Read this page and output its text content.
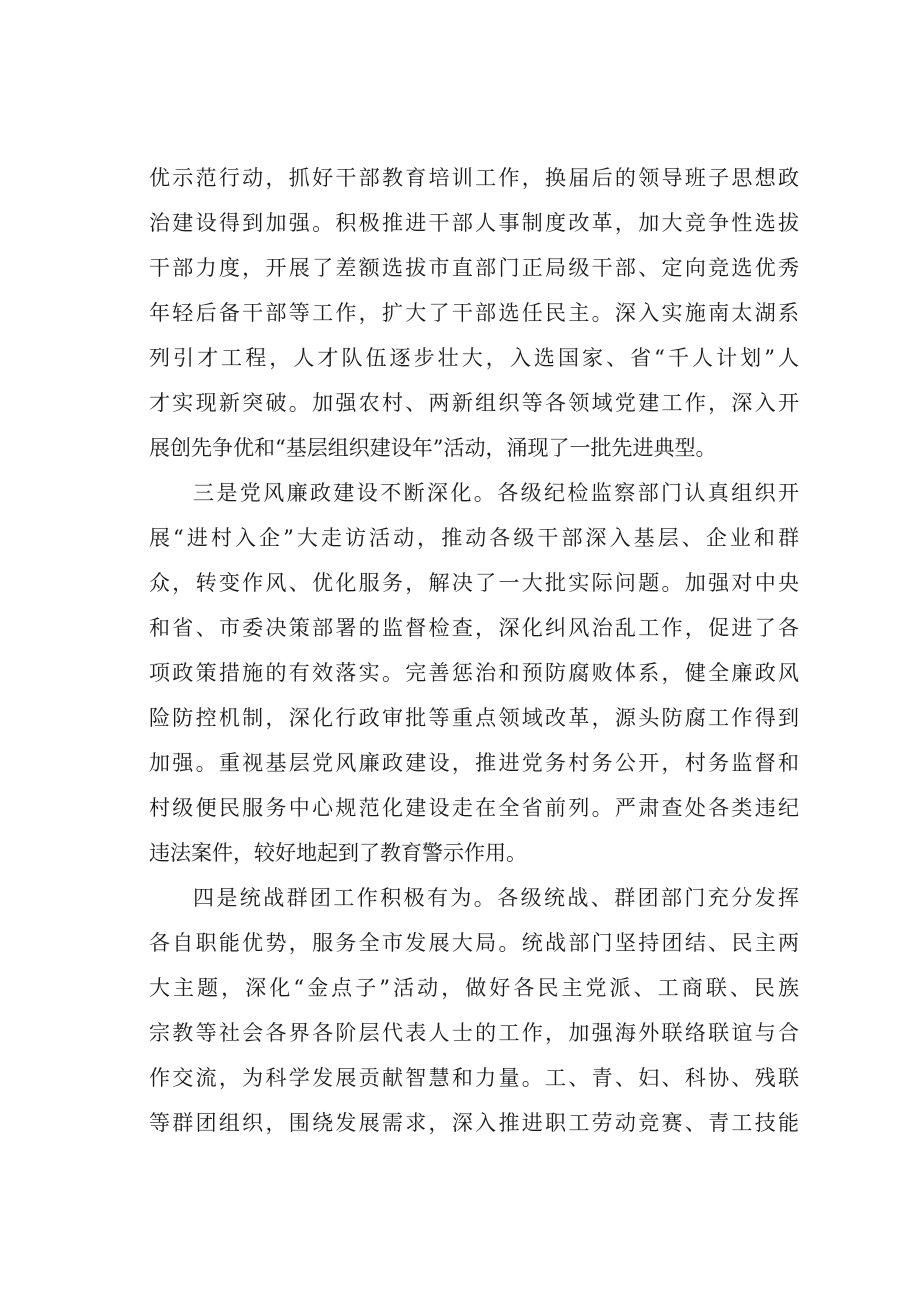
优示范行动，抓好干部教育培训工作，换届后的领导班子思想政
治建设得到加强。积极推进干部人事制度改革，加大竞争性选拔
干部力度，开展了差额选拔市直部门正局级干部、定向竞选优秀
年轻后备干部等工作，扩大了干部选任民主。深入实施南太湖系
列引才工程，人才队伍逐步壮大，入选国家、省“千人计划”人
才实现新突破。加强农村、两新组织等各领域党建工作，深入开
展创先争优和“基层组织建设年”活动，涌现了一批先进典型。
三是党风廉政建设不断深化。各级纪检监察部门认真组织开
展“进村入企”大走访活动，推动各级干部深入基层、企业和群
众，转变作风、优化服务，解决了一大批实际问题。加强对中央
和省、市委决策部署的监督检查，深化纠风治乱工作，促进了各
项政策措施的有效落实。完善惩治和预防腐败体系，健全廉政风
险防控机制，深化行政审批等重点领域改革，源头防腐工作得到
加强。重视基层党风廉政建设，推进党务村务公开，村务监督和
村级便民服务中心规范化建设走在全省前列。严肃查处各类违纪
违法案件，较好地起到了教育警示作用。
四是统战群团工作积极有为。各级统战、群团部门充分发挥
各自职能优势，服务全市发展大局。统战部门坚持团结、民主两
大主题，深化“金点子”活动，做好各民主党派、工商联、民族
宗教等社会各界各阶层代表人士的工作，加强海外联络联谊与合
作交流，为科学发展贡献智慧和力量。工、青、妇、科协、残联
等群团组织，围绕发展需求，深入推进职工劳动竞赛、青工技能
